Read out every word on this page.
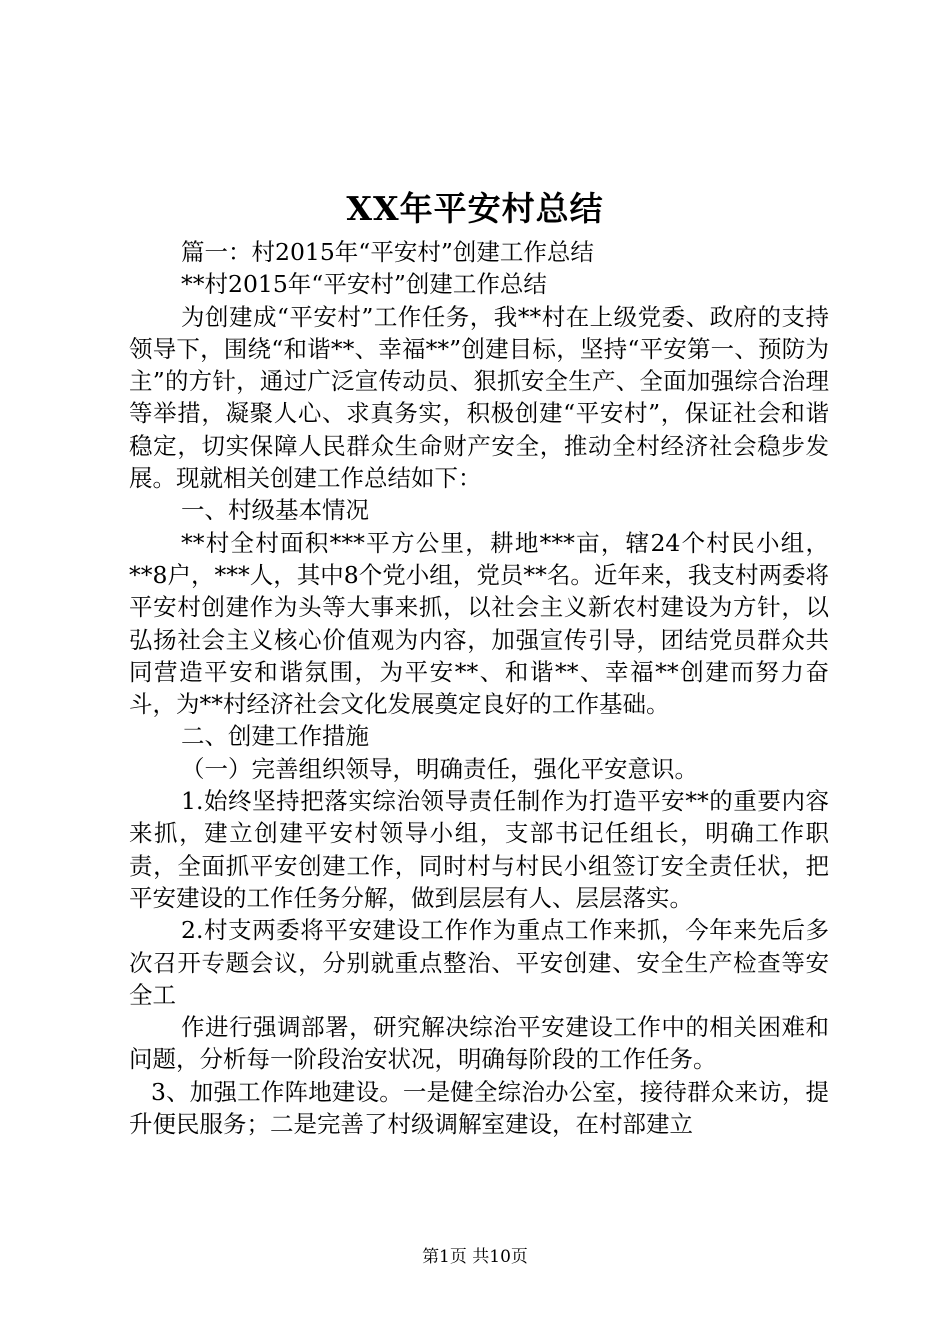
XX年平安村总结

篇一：村2015年“平安村”创建工作总结

**村2015年“平安村”创建工作总结

为创建成“平安村”工作任务，我**村在上级党委、政府的支持领导下，围绕“和谐**、幸福**”创建目标，坚持“平安第一、预防为主”的方针，通过广泛宣传动员、狠抓安全生产、全面加强综合治理等举措，凝聚人心、求真务实，积极创建“平安村”，保证社会和谐稳定，切实保障人民群众生命财产安全，推动全村经济社会稳步发展。现就相关创建工作总结如下：

一、村级基本情况

**村全村面积***平方公里，耕地***亩，辖24个村民小组，**8户，***人，其中8个党小组，党员**名。近年来，我支村两委将平安村创建作为头等大事来抓，以社会主义新农村建设为方针，以弘扬社会主义核心价值观为内容，加强宣传引导，团结党员群众共同营造平安和谐氛围，为平安**、和谐**、幸福**创建而努力奋斗，为**村经济社会文化发展奠定良好的工作基础。

二、创建工作措施

（一）完善组织领导，明确责任，强化平安意识。

1.始终坚持把落实综治领导责任制作为打造平安**的重要内容来抓，建立创建平安村领导小组，支部书记任组长，明确工作职责，全面抓平安创建工作，同时村与村民小组签订安全责任状，把平安建设的工作任务分解，做到层层有人、层层落实。

2.村支两委将平安建设工作作为重点工作来抓，今年来先后多次召开专题会议，分别就重点整治、平安创建、安全生产检查等安全工

作进行强调部署，研究解决综治平安建设工作中的相关困难和问题，分析每一阶段治安状况，明确每阶段的工作任务。

3、加强工作阵地建设。一是健全综治办公室，接待群众来访，提升便民服务；二是完善了村级调解室建设，在村部建立

第1页 共10页
